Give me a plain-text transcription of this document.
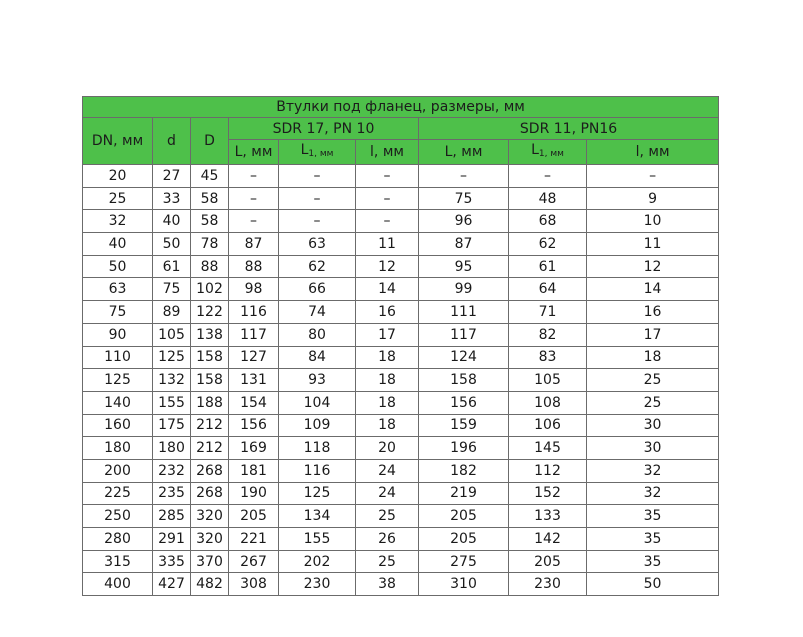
Втулки под фланец, размеры, мм								
DN, мм	d	D	SDR 17, PN 10			SDR 11, PN16		
			L, мм	$L_{1, мм}$	l, мм	L, мм	$L_{1, мм}$	l, мм
20	27	45	–	–	–	–	–	–
25	33	58	–	–	–	75	48	9
32	40	58	–	–	–	96	68	10
40	50	78	87	63	11	87	62	11
50	61	88	88	62	12	95	61	12
63	75	102	98	66	14	99	64	14
75	89	122	116	74	16	111	71	16
90	105	138	117	80	17	117	82	17
110	125	158	127	84	18	124	83	18
125	132	158	131	93	18	158	105	25
140	155	188	154	104	18	156	108	25
160	175	212	156	109	18	159	106	30
180	180	212	169	118	20	196	145	30
200	232	268	181	116	24	182	112	32
225	235	268	190	125	24	219	152	32
250	285	320	205	134	25	205	133	35
280	291	320	221	155	26	205	142	35
315	335	370	267	202	25	275	205	35
400	427	482	308	230	38	310	230	50
